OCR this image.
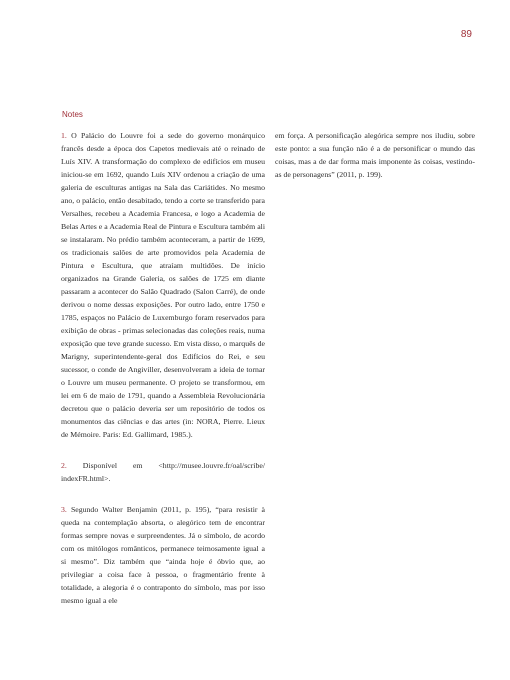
89
Notes

1. O Palácio do Louvre foi a sede do governo monárquico francês desde a época dos Capetos medievais até o reinado de Luís XIV. A transformação do complexo de edifícios em museu iniciou-se em 1692, quando Luís XIV ordenou a criação de uma galeria de esculturas antigas na Sala das Cariátides. No mesmo ano, o palácio, então desabitado, tendo a corte se transferido para Versalhes, recebeu a Academia Francesa, e logo a Academia de Belas Artes e a Academia Real de Pintura e Escultura também ali se instalaram. No prédio também aconteceram, a partir de 1699, os tradicionais salões de arte promovidos pela Academia de Pintura e Escultura, que atraíam multidões. De início organizados na Grande Galeria, os salões de 1725 em diante passaram a acontecer do Salão Quadrado (Salon Carré), de onde derivou o nome dessas exposições. Por outro lado, entre 1750 e 1785, espaços no Palácio de Luxemburgo foram reservados para exibição de obras - primas selecionadas das coleções reais, numa exposição que teve grande sucesso. Em vista disso, o marquês de Marigny, superintendente-geral dos Edifícios do Rei, e seu sucessor, o conde de Angiviller, desenvolveram a ideia de tornar o Louvre um museu permanente. O projeto se transformou, em lei em 6 de maio de 1791, quando a Assembleia Revolucionária decretou que o palácio deveria ser um repositório de todos os monumentos das ciências e das artes (in: NORA, Pierre. Lieux de Mémoire. Paris: Ed. Gallimard, 1985.).

2. Disponível em <http://musee.louvre.fr/oal/scribe/ indexFR.html>.

3. Segundo Walter Benjamin (2011, p. 195), “para resistir à queda na contemplação absorta, o alegórico tem de encontrar formas sempre novas e surpreendentes. Já o símbolo, de acordo com os mitólogos românticos, permanece teimosamente igual a si mesmo”. Diz também que “ainda hoje é óbvio que, ao privilegiar a coisa face à pessoa, o fragmentário frente à totalidade, a alegoria é o contraponto do símbolo, mas por isso mesmo igual a ele

em força. A personificação alegórica sempre nos iludiu, sobre este ponto: a sua função não é a de personificar o mundo das coisas, mas a de dar forma mais imponente às coisas, vestindo-as de personagens” (2011, p. 199).
